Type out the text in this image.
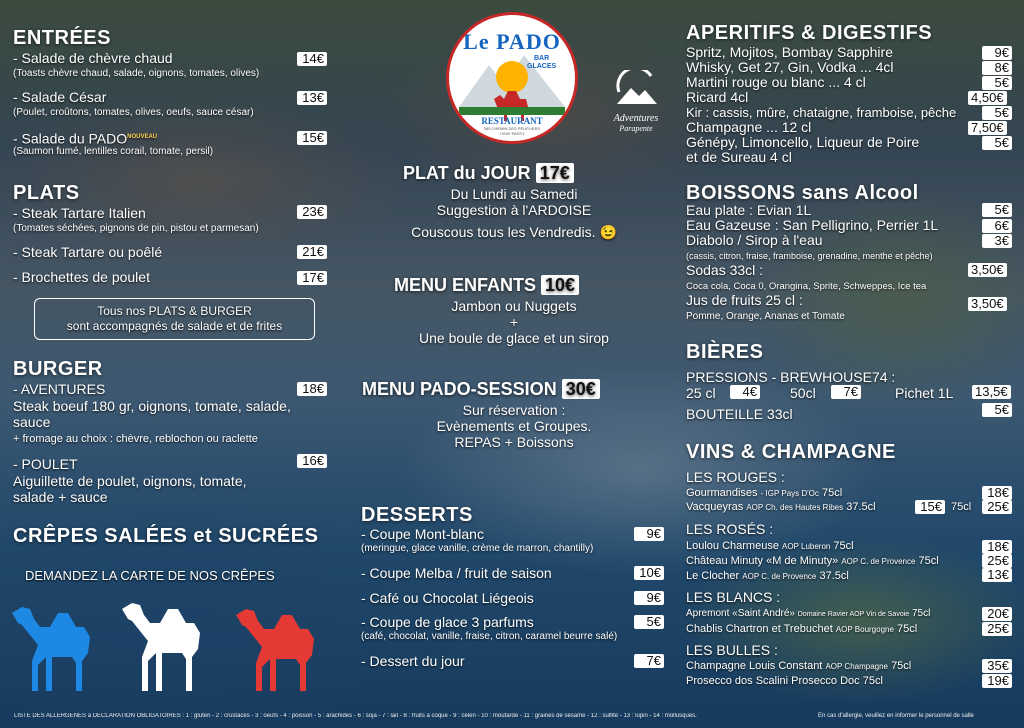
ENTRÉES
- Salade de chèvre chaud	14€
(Toasts chèvre chaud, salade, oignons, tomates, olives)
- Salade César	13€
(Poulet, croûtons, tomates, olives, oeufs, sauce césar)
- Salade du $PADO^{NOUVEAU}$	15€
(Saumon fumé, lentilles corail, tomate, persil)
PLATS
- Steak Tartare Italien	23€
(Tomates séchées, pignons de pin, pistou et parmesan)
- Steak Tartare ou poêlé	21€
- Brochettes de poulet	17€
Tous nos PLATS & BURGER
sont accompagnés de salade et de frites
BURGER
- AVENTURES	18€
Steak boeuf 180 gr, oignons, tomate, salade,
sauce
+ fromage au choix : chèvre, reblochon ou raclette
- POULET	16€
Aiguillette de poulet, oignons, tomate,
salade + sauce
CRÊPES SALÉES et SUCRÉES
DEMANDEZ LA CARTE DE NOS CRÊPES
Le PADO
BAR
GLACES
RESTAURANT
385 CHEMIN DES PEUPLIERS
74190 PASSY
Adventures
Parapente
PLAT du JOUR 17€
Du Lundi au Samedi
Suggestion à l'ARDOISE
Couscous tous les Vendredis. 😉
MENU ENFANTS 10€
Jambon ou Nuggets
+
Une boule de glace et un sirop
MENU PADO-SESSION 30€
Sur réservation :
Evènements et Groupes.
REPAS + Boissons
DESSERTS
- Coupe Mont-blanc	9€
(meringue, glace vanille, crème de marron, chantilly)
- Coupe Melba / fruit de saison	10€
- Café ou Chocolat Liégeois	9€
- Coupe de glace 3 parfums	5€
(café, chocolat, vanille, fraise, citron, caramel beurre salé)
- Dessert du jour	7€
APERITIFS & DIGESTIFS
Spritz, Mojitos, Bombay Sapphire	9€
Whisky, Get 27, Gin, Vodka ... 4cl	8€
Martini rouge ou blanc ... 4 cl	5€
Ricard 4cl	4,50€
Kir : cassis, mûre, chataigne, framboise, pêche	5€
Champagne ... 12 cl	7,50€
Génépy, Limoncello, Liqueur de Poire	5€
et de Sureau 4 cl
BOISSONS sans Alcool
Eau plate : Evian 1L	5€
Eau Gazeuse : San Pelligrino, Perrier 1L	6€
Diabolo / Sirop à l'eau	3€
(cassis, citron, fraise, framboise, grenadine, menthe et pêche)
Sodas 33cl :	3,50€
Coca cola, Coca 0, Orangina, Sprite, Schweppes, Ice tea
Jus de fruits 25 cl :	3,50€
Pomme, Orange, Ananas et Tomate
BIÈRES
PRESSIONS - BREWHOUSE74 :
25 cl	4€ 50cl	7€	Pichet 1L 13,5€
BOUTEILLE 33cl	5€
VINS & CHAMPAGNE
LES ROUGES :
Gourmandises - IGP Pays D'Oc 75cl	18€
Vacqueyras AOP Ch. des Hautes Ribes 37.5cl	15€ 75cl	25€
LES ROSÉS :
Loulou Charmeuse AOP Luberon 75cl	18€
Château Minuty «M de Minuty» AOP C. de Provence 75cl	25€
Le Clocher AOP C. de Provence 37.5cl	13€
LES BLANCS :
Apremont «Saint André» Domaine Ravier AOP Vin de Savoie 75cl	20€
Chablis Chartron et Trebuchet AOP Bourgogne 75cl	25€
LES BULLES :
Champagne Louis Constant AOP Champagne 75cl	35€
Prosecco dos Scalini Prosecco Doc 75cl	19€
LISTE DES ALLERGENES à DÉCLARATION OBLIGATOIRES : 1 : gluten - 2 : crustacés - 3 : oeufs - 4 : poisson - 5 : arachides - 6 : soja - 7 : lait - 8 : fruits à coque - 9 : céleri - 10 : moutarde - 11 : graines de sésame - 12 : sulfite - 13 : lupin - 14 : mollusques.	En cas d'allergie, veuillez en informer le personnel de salle
